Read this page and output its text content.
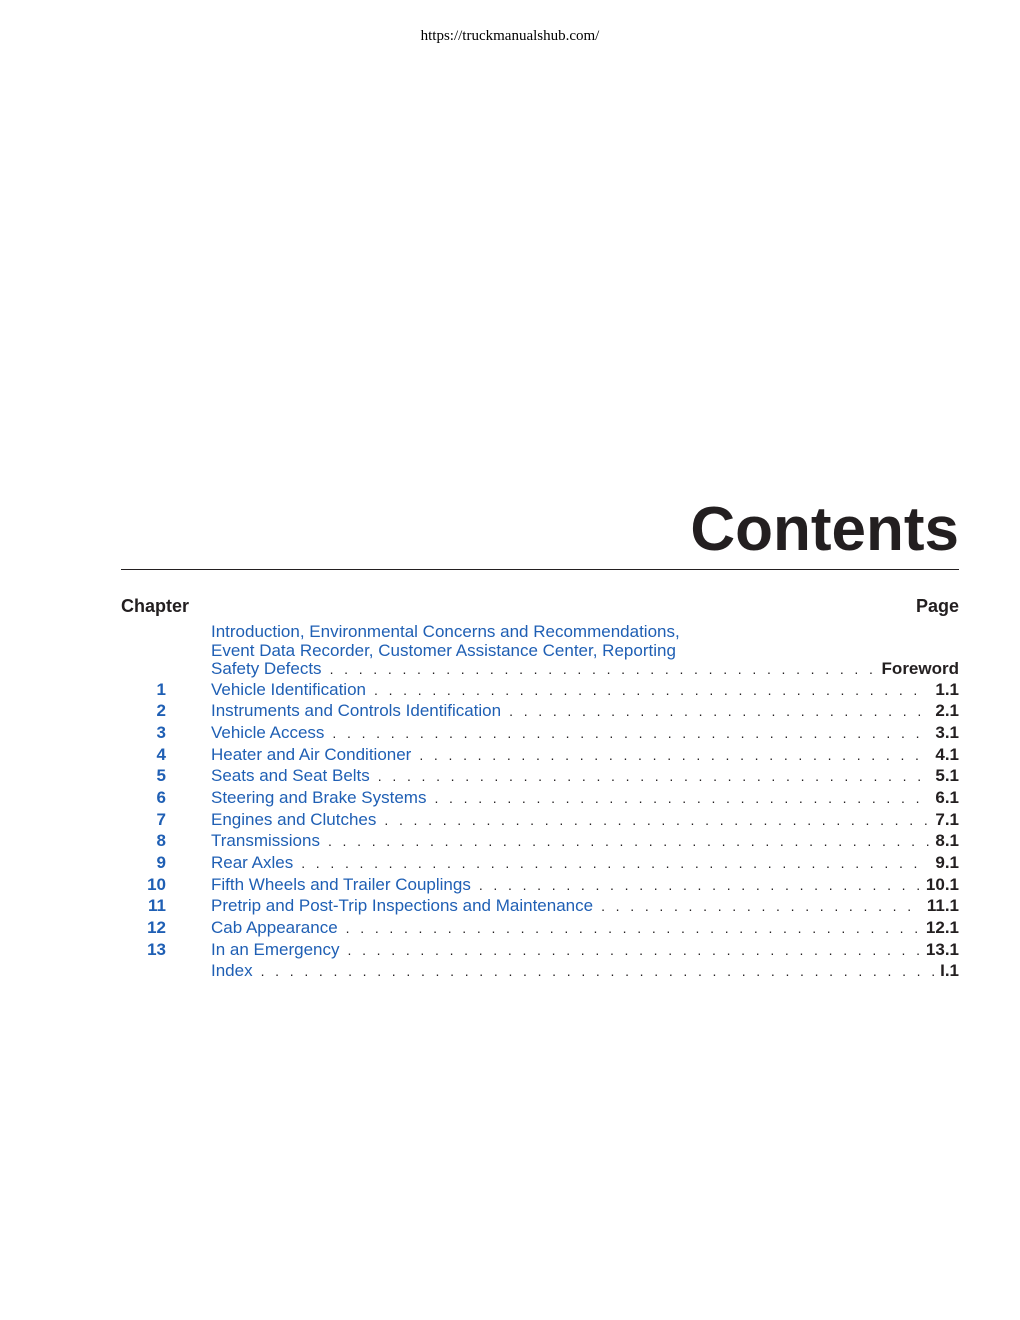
https://truckmanualshub.com/
Contents
Chapter	Page
Introduction, Environmental Concerns and Recommendations,
Event Data Recorder, Customer Assistance Center, Reporting
Safety Defects . . .	Foreword
1	Vehicle Identification . . .	1.1
2	Instruments and Controls Identification . . .	2.1
3	Vehicle Access . . .	3.1
4	Heater and Air Conditioner . . .	4.1
5	Seats and Seat Belts . . .	5.1
6	Steering and Brake Systems . . .	6.1
7	Engines and Clutches . . .	7.1
8	Transmissions . . .	8.1
9	Rear Axles . . .	9.1
10	Fifth Wheels and Trailer Couplings . . .	10.1
11	Pretrip and Post-Trip Inspections and Maintenance . . .	11.1
12	Cab Appearance . . .	12.1
13	In an Emergency . . .	13.1
Index . . .	I.1
